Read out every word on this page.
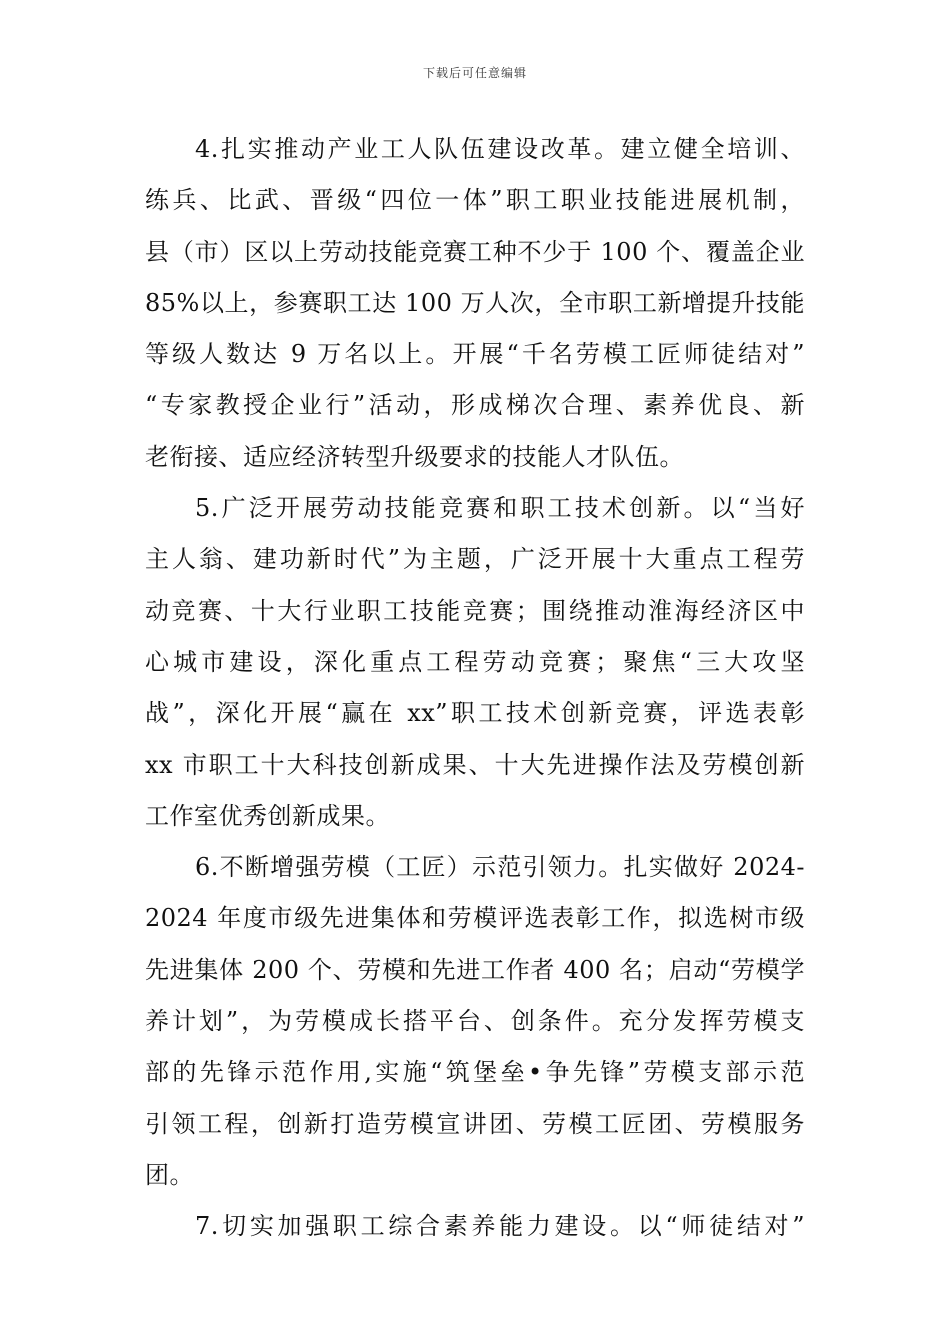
下载后可任意编辑
4.扎实推动产业工人队伍建设改革。建立健全培训、
练兵、比武、晋级“四位一体”职工职业技能进展机制，
县（市）区以上劳动技能竞赛工种不少于 100 个、覆盖企业
85%以上，参赛职工达 100 万人次，全市职工新增提升技能
等级人数达 9 万名以上。开展“千名劳模工匠师徒结对”
“专家教授企业行”活动，形成梯次合理、素养优良、新
老衔接、适应经济转型升级要求的技能人才队伍。
5.广泛开展劳动技能竞赛和职工技术创新。以“当好
主人翁、建功新时代”为主题，广泛开展十大重点工程劳
动竞赛、十大行业职工技能竞赛；围绕推动淮海经济区中
心城市建设，深化重点工程劳动竞赛；聚焦“三大攻坚
战”，深化开展“赢在 xx”职工技术创新竞赛，评选表彰
xx 市职工十大科技创新成果、十大先进操作法及劳模创新
工作室优秀创新成果。
6.不断增强劳模（工匠）示范引领力。扎实做好 2024-
2024 年度市级先进集体和劳模评选表彰工作，拟选树市级
先进集体 200 个、劳模和先进工作者 400 名；启动“劳模学
养计划”，为劳模成长搭平台、创条件。充分发挥劳模支
部的先锋示范作用,实施“筑堡垒•争先锋”劳模支部示范
引领工程，创新打造劳模宣讲团、劳模工匠团、劳模服务
团。
7.切实加强职工综合素养能力建设。以“师徒结对”
